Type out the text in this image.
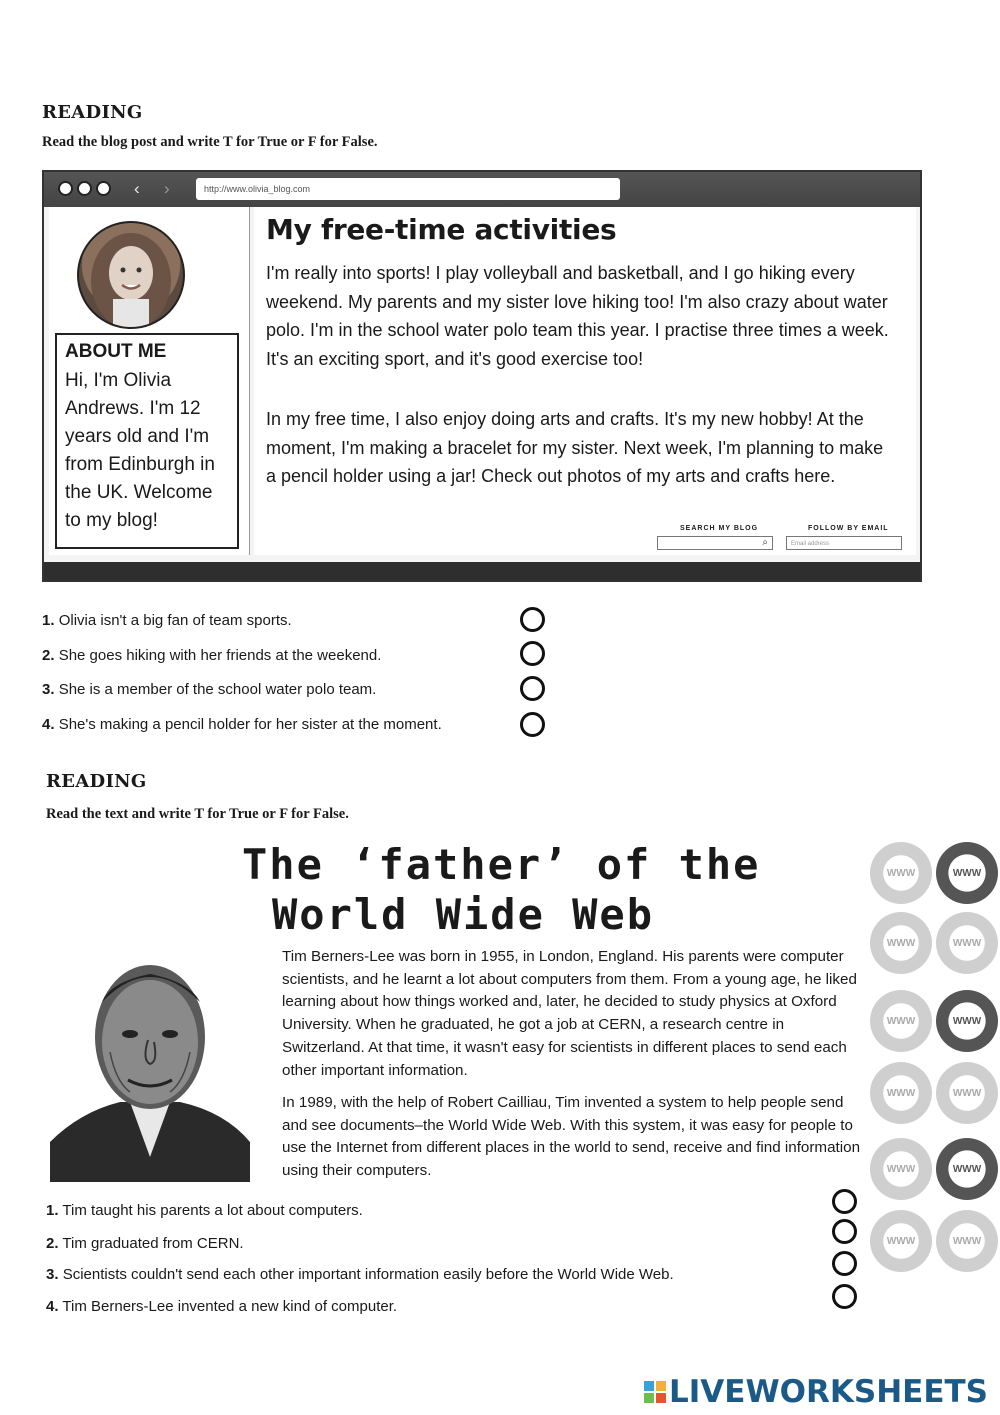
READING
Read the blog post and write T for True or F for False.
‹ ›	http://www.olivia_blog.com
ABOUT ME
Hi, I'm Olivia Andrews. I'm 12 years old and I'm from Edinburgh in the UK. Welcome to my blog!
My free-time activities
I'm really into sports! I play volleyball and basketball, and I go hiking every weekend. My parents and my sister love hiking too! I'm also crazy about water polo. I'm in the school water polo team this year. I practise three times a week. It's an exciting sport, and it's good exercise too!
In my free time, I also enjoy doing arts and crafts. It's my new hobby! At the moment, I'm making a bracelet for my sister. Next week, I'm planning to make a pencil holder using a jar! Check out photos of my arts and crafts here.
SEARCH MY BLOG
⌕
FOLLOW BY EMAIL
Email address
1. Olivia isn't a big fan of team sports.
2. She goes hiking with her friends at the weekend.
3. She is a member of the school water polo team.
4. She's making a pencil holder for her sister at the moment.
READING
Read the text and write T for True or F for False.
The ‘father’ of the
World Wide Web
Tim Berners-Lee was born in 1955, in London, England. His parents were computer scientists, and he learnt a lot about computers from them. From a young age, he liked learning about how things worked and, later, he decided to study physics at Oxford University. When he graduated, he got a job at CERN, a research centre in Switzerland. At that time, it wasn't easy for scientists in different places to send each other important information.
In 1989, with the help of Robert Cailliau, Tim invented a system to help people send and see documents–the World Wide Web. With this system, it was easy for people to use the Internet from different places in the world to send, receive and find information using their computers.
WWW	WWW
WWW	WWW
WWW	WWW
WWW	WWW
WWW	WWW
WWW	WWW
1. Tim taught his parents a lot about computers.
2. Tim graduated from CERN.
3. Scientists couldn't send each other important information easily before the World Wide Web.
4. Tim Berners-Lee invented a new kind of computer.
LIVEWORKSHEETS
